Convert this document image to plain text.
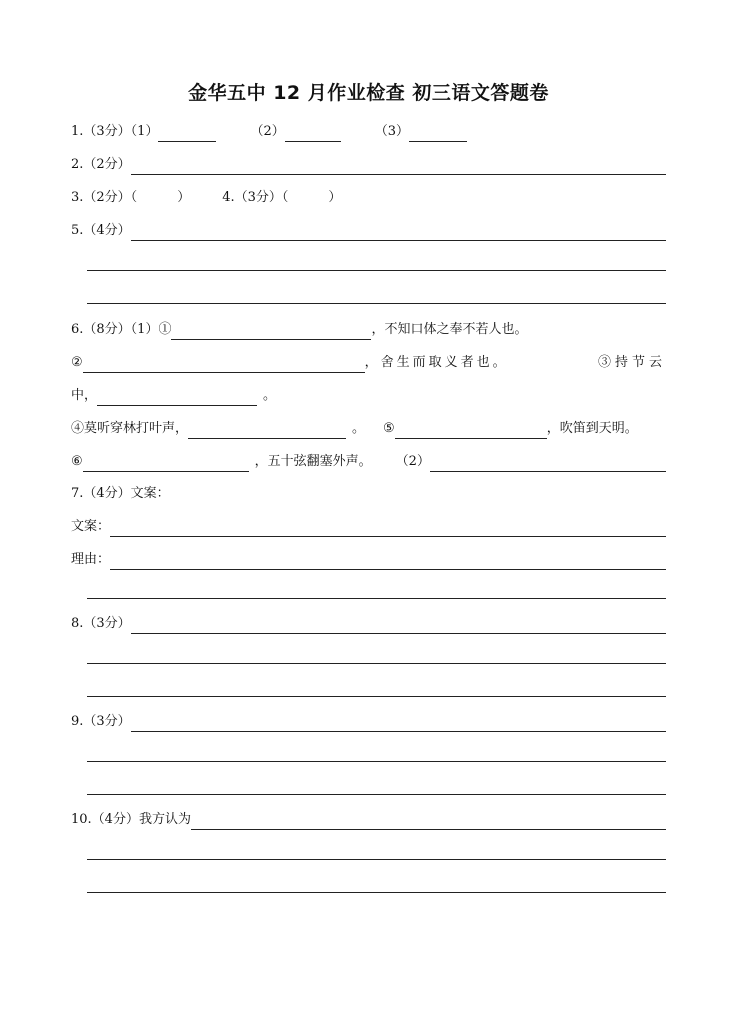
金华五中 12 月作业检查 初三语文答题卷
1.（3分）（1）	（2）	（3）
2.（2分）
3.（2分）（	） 4.（3分）（	）
5.（4分）
6.（8分）（1）①	，不知口体之奉不若人也。
②	，舍生而取义者也。	③持节云
中，	。
④莫听穿林打叶声，	。 ⑤	，吹笛到天明。
⑥	，五十弦翻塞外声。 （2）
7.（4分）文案：
文案：
理由：
8.（3分）
9.（3分）
10.（4分）我方认为
